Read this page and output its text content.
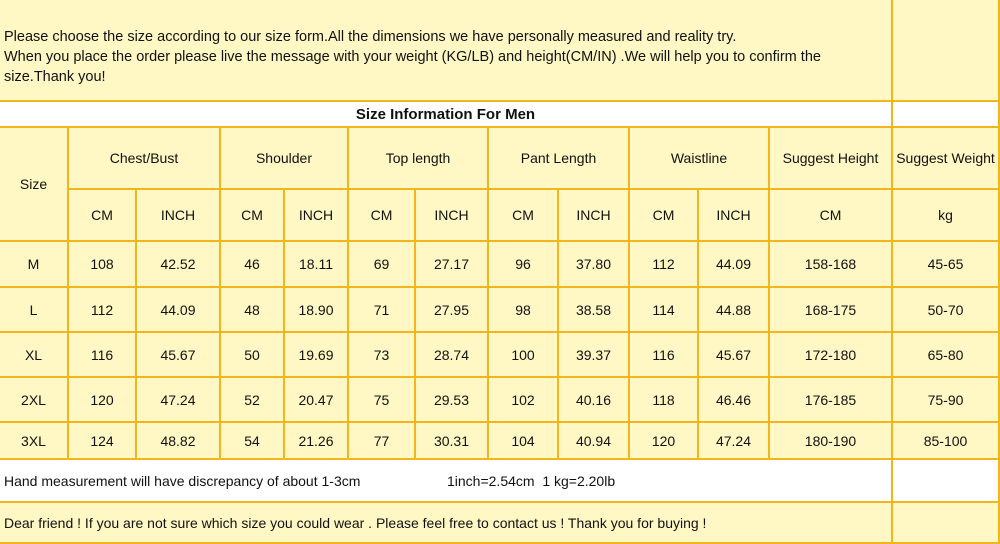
Please choose the size according to our size form.All the dimensions we have personally measured and reality try.
When you place the order please live the message with your weight (KG/LB) and height(CM/IN) .We will help you to confirm the size.Thank you!
Size Information For Men
Size
Chest/Bust	Shoulder	Top length	Pant Length	Waistline	Suggest Height	Suggest Weight
CM	INCH	CM	INCH	CM	INCH	CM	INCH	CM	INCH	CM	kg
M	108	42.52	46	18.11	69	27.17	96	37.80	112	44.09	158-168	45-65
L	112	44.09	48	18.90	71	27.95	98	38.58	114	44.88	168-175	50-70
XL	116	45.67	50	19.69	73	28.74	100	39.37	116	45.67	172-180	65-80
2XL	120	47.24	52	20.47	75	29.53	102	40.16	118	46.46	176-185	75-90
3XL	124	48.82	54	21.26	77	30.31	104	40.94	120	47.24	180-190	85-100
Hand measurement will have discrepancy of about 1-3cm	1inch=2.54cm  1 kg=2.20lb
Dear friend ! If you are not sure which size you could wear . Please feel free to contact us ! Thank you for buying !
